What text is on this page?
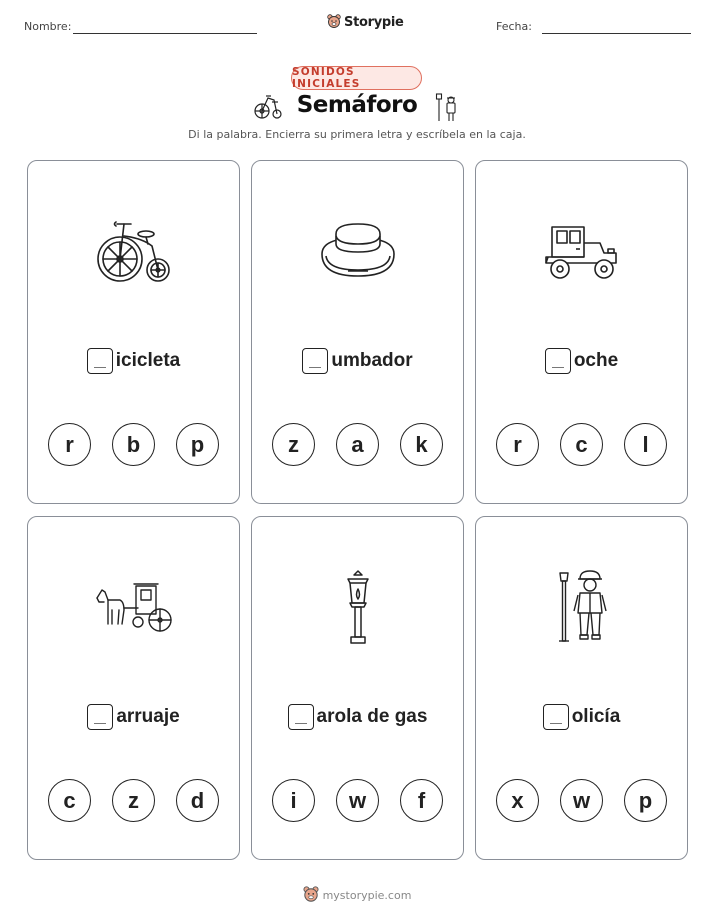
Nombre:	Storypie	Fecha:
SONIDOS INICIALES
Semáforo
Di la palabra. Encierra su primera letra y escríbela en la caja.
icicleta
r	b	p
umbador
z	a	k
oche
r	c	l
arruaje
c	z	d
arola de gas
i	w	f
olicía
x	w	p
mystorypie.com
